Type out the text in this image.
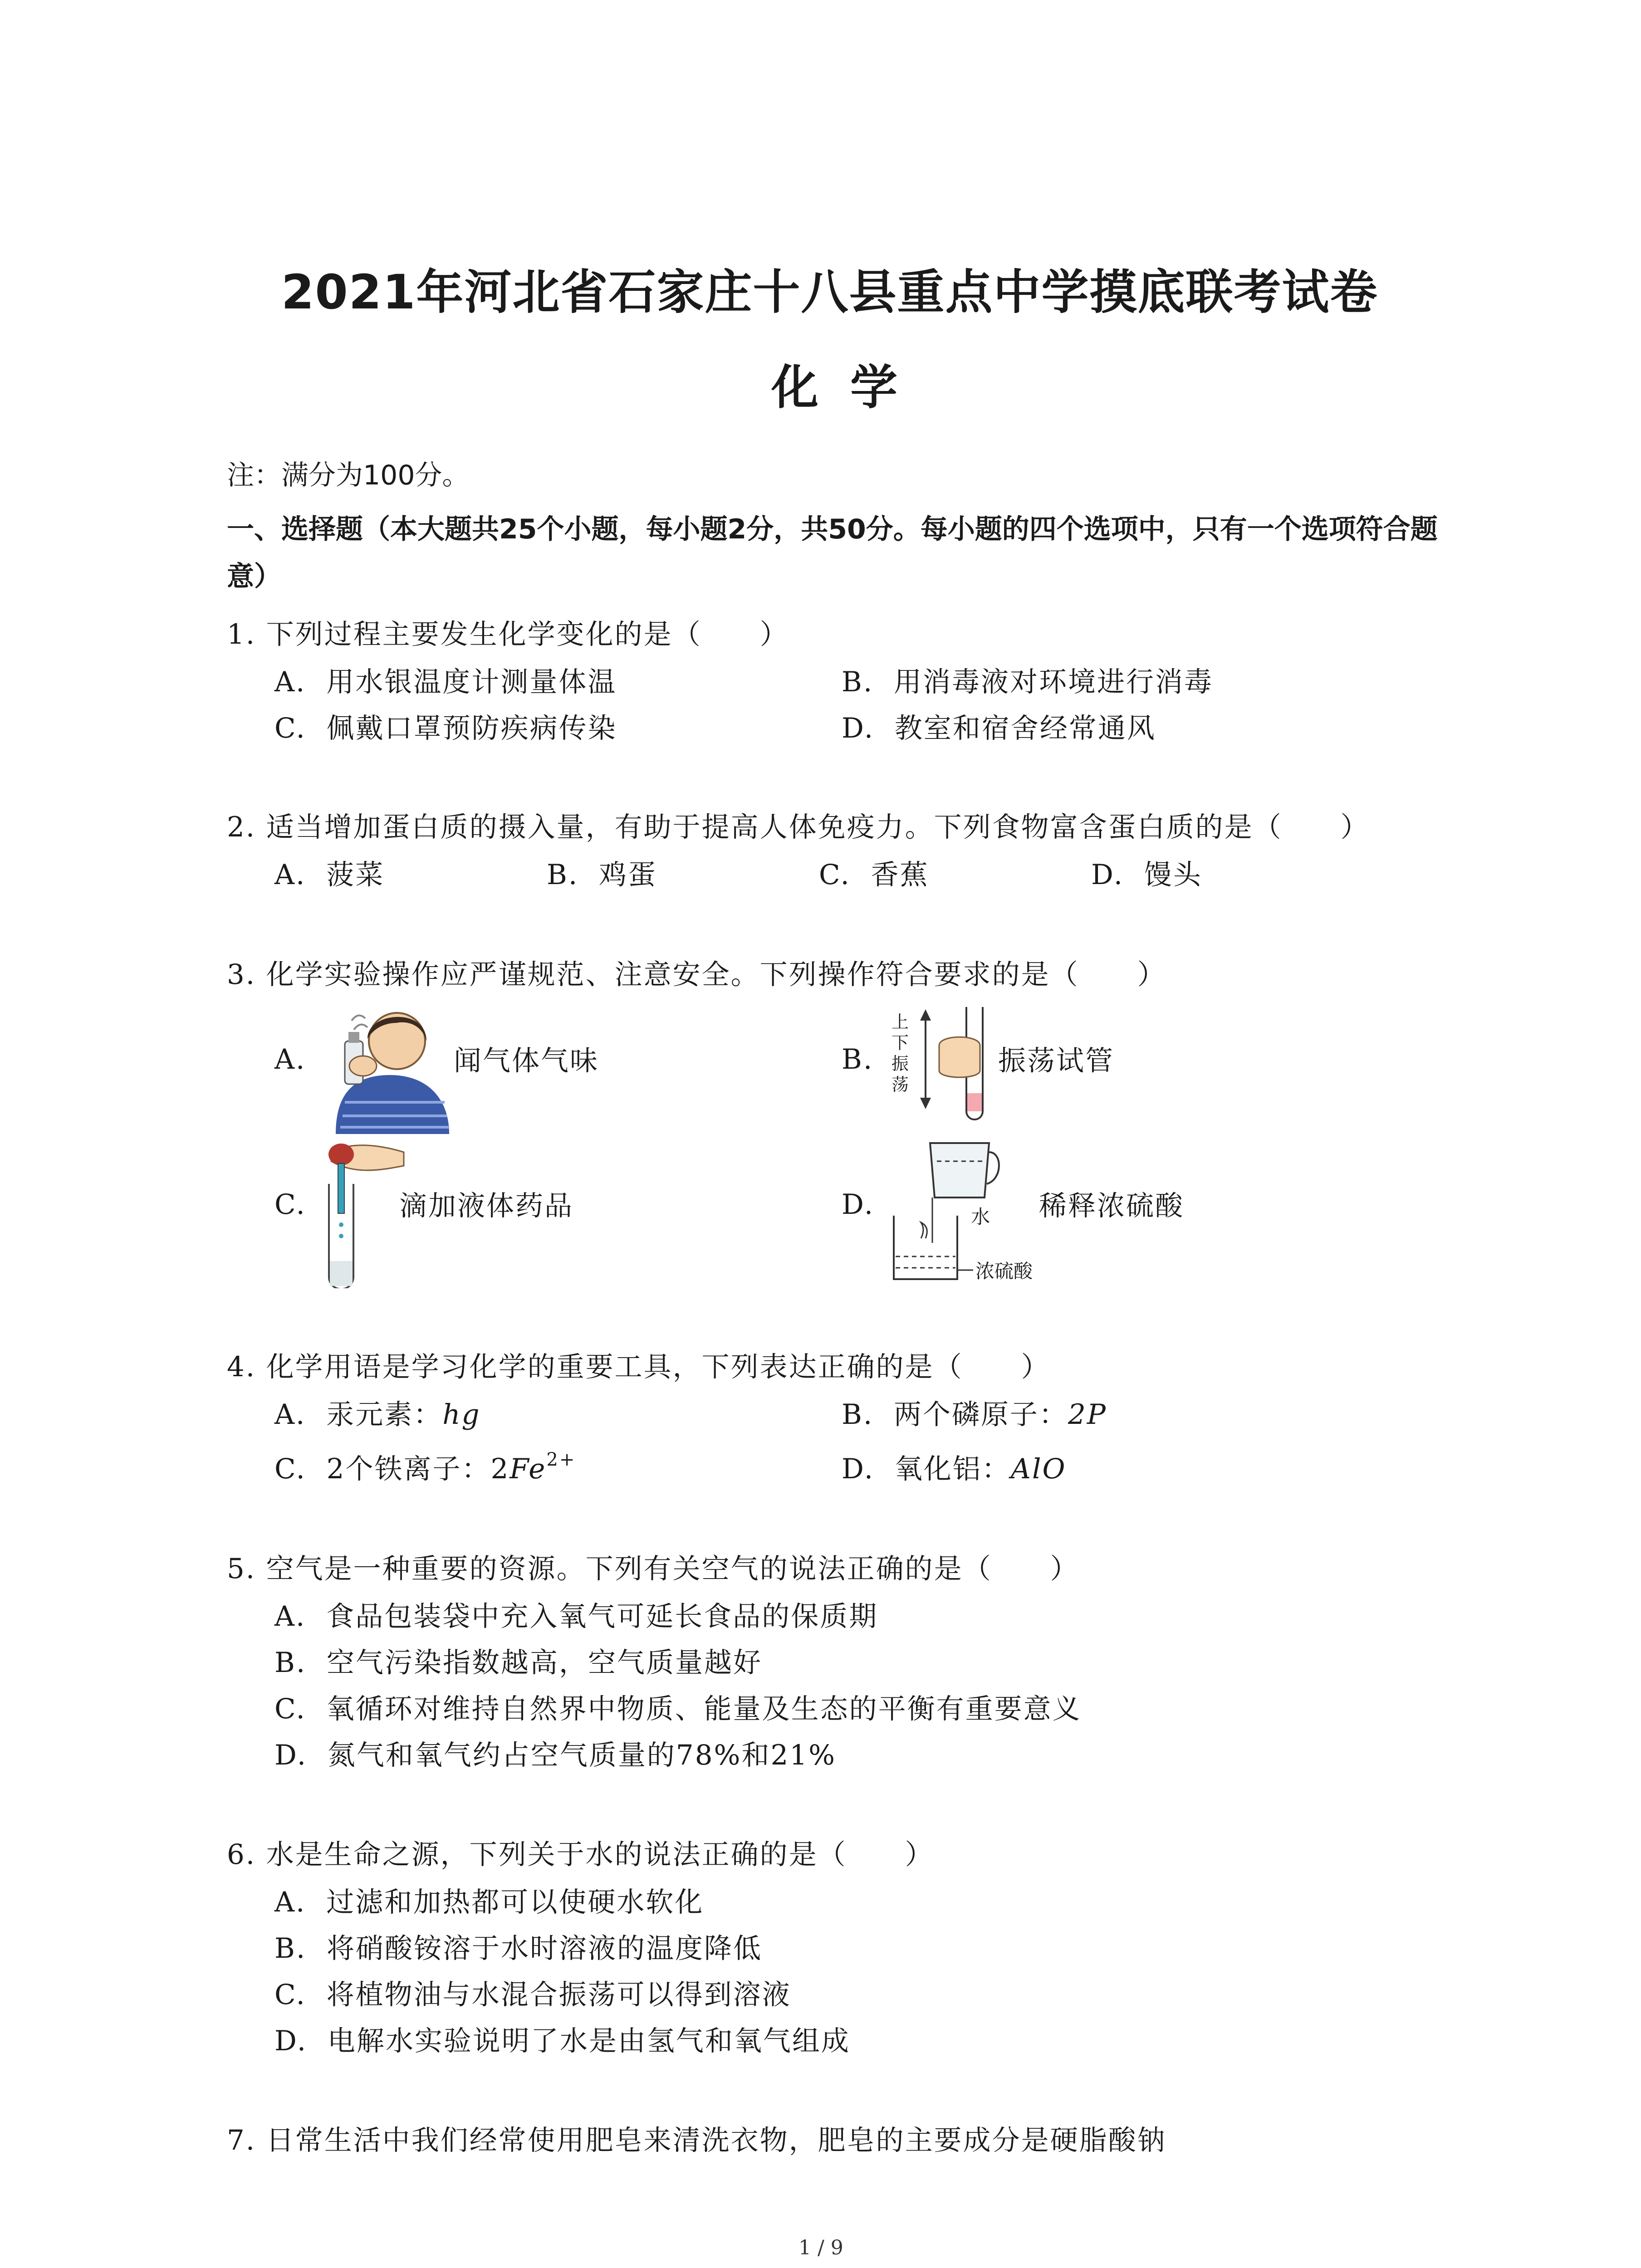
2021年河北省石家庄十八县重点中学摸底联考试卷
化学
注：满分为100分。
一、选择题（本大题共25个小题，每小题2分，共50分。每小题的四个选项中，只有一个选项符合题意）
1. 下列过程主要发生化学变化的是（　　）
A. 用水银温度计测量体温	B. 用消毒液对环境进行消毒
C. 佩戴口罩预防疾病传染	D. 教室和宿舍经常通风
2. 适当增加蛋白质的摄入量，有助于提高人体免疫力。下列食物富含蛋白质的是（　　）
A. 菠菜	B. 鸡蛋	C. 香蕉	D. 馒头
3. 化学实验操作应严谨规范、注意安全。下列操作符合要求的是（　　）
A.	闻气体气味	B.
上
下
振
荡
振荡试管
C.	滴加液体药品	D.	水
浓硫酸
稀释浓硫酸
4. 化学用语是学习化学的重要工具，下列表达正确的是（　　）
A. 汞元素：hg	B. 两个磷原子：2P
C. 2个铁离子：$2Fe^{2+}$	D. 氧化铝：AlO
5. 空气是一种重要的资源。下列有关空气的说法正确的是（　　）
A. 食品包装袋中充入氧气可延长食品的保质期
B. 空气污染指数越高，空气质量越好
C. 氧循环对维持自然界中物质、能量及生态的平衡有重要意义
D. 氮气和氧气约占空气质量的78%和21%
6. 水是生命之源，下列关于水的说法正确的是（　　）
A. 过滤和加热都可以使硬水软化
B. 将硝酸铵溶于水时溶液的温度降低
C. 将植物油与水混合振荡可以得到溶液
D. 电解水实验说明了水是由氢气和氧气组成
7. 日常生活中我们经常使用肥皂来清洗衣物，肥皂的主要成分是硬脂酸钠
1 / 9
